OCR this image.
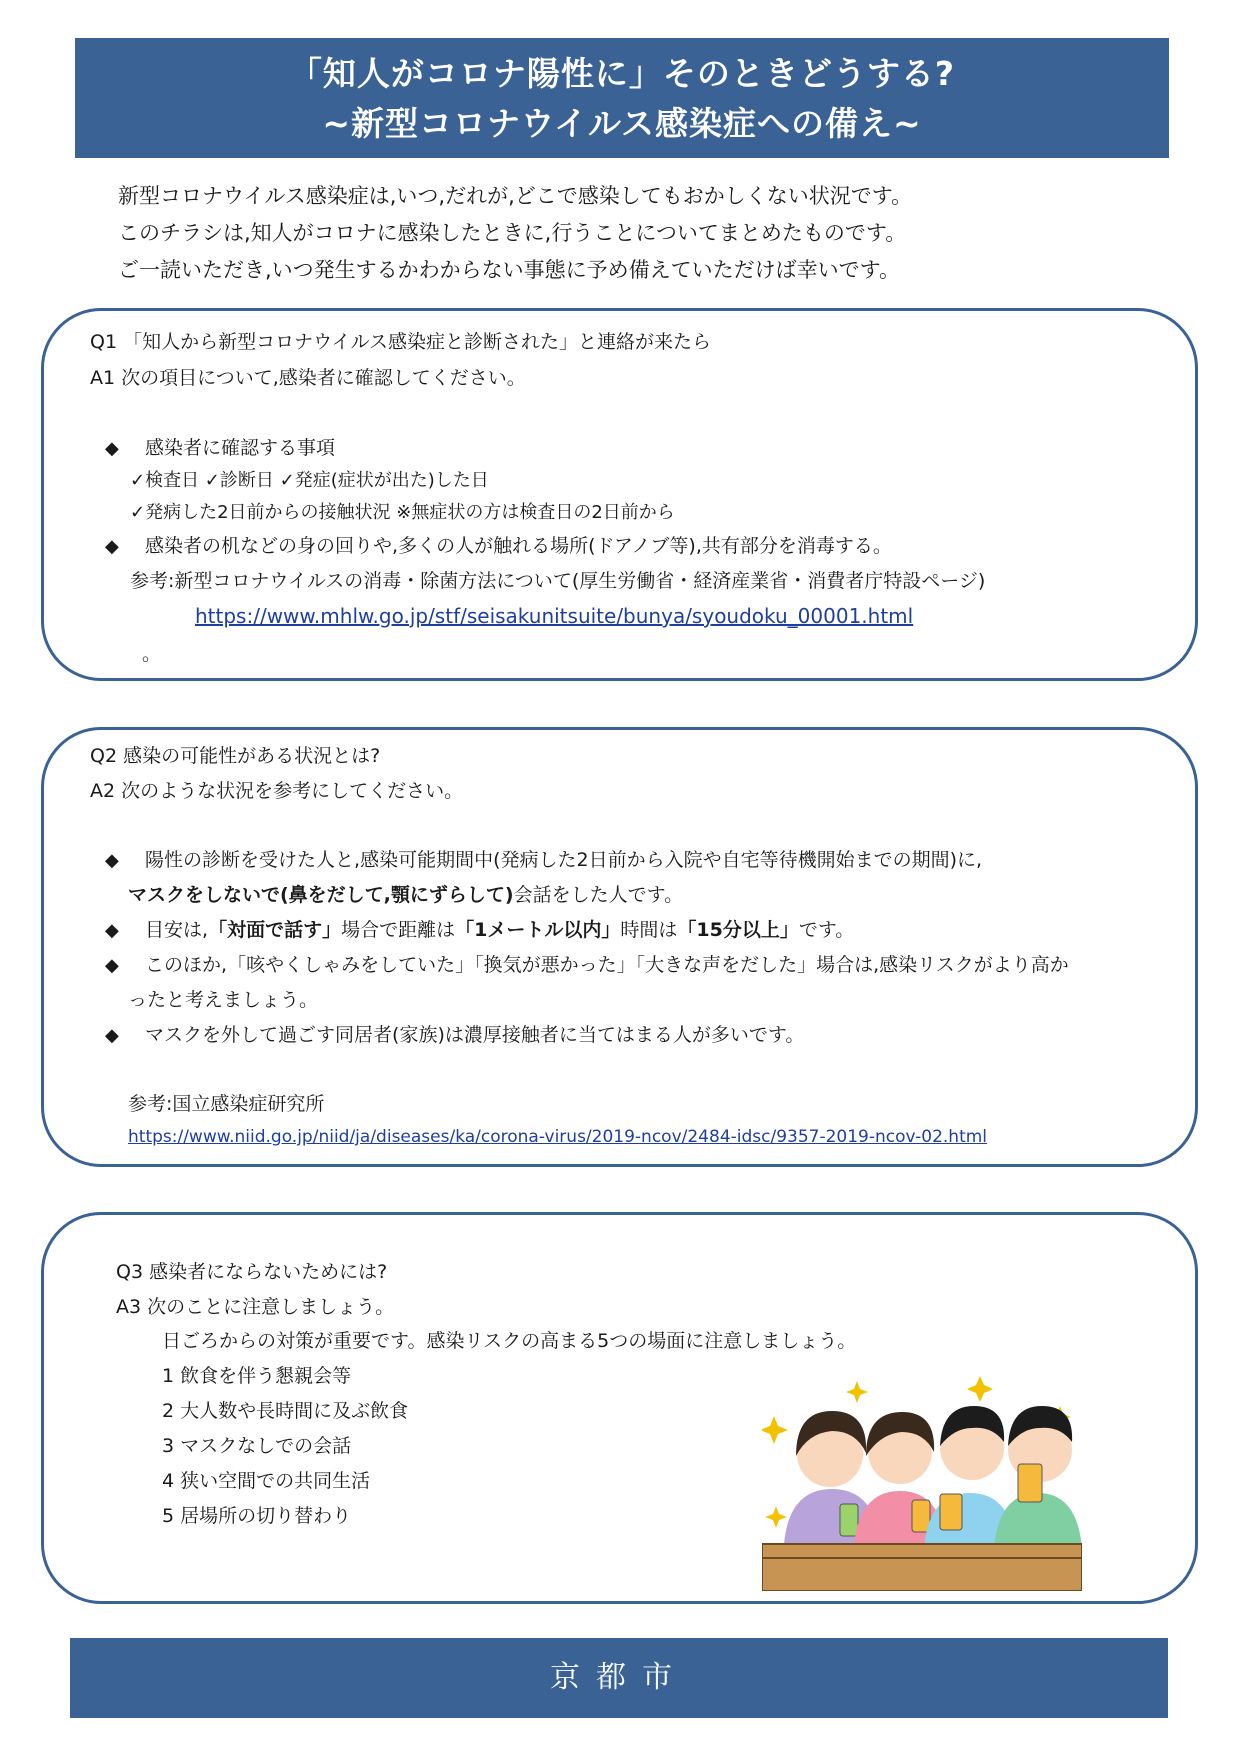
「知人がコロナ陽性に」そのときどうする?
~新型コロナウイルス感染症への備え~

新型コロナウイルス感染症は,いつ,だれが,どこで感染してもおかしくない状況です。

このチラシは,知人がコロナに感染したときに,行うことについてまとめたものです。

ご一読いただき,いつ発生するかわからない事態に予め備えていただけば幸いです。

Q1 「知人から新型コロナウイルス感染症と診断された」と連絡が来たら
A1 次の項目について,感染者に確認してください。
◆ 感染者に確認する事項
✓検査日 ✓診断日 ✓発症(症状が出た)した日
✓発病した2日前からの接触状況 ※無症状の方は検査日の2日前から
◆ 感染者の机などの身の回りや,多くの人が触れる場所(ドアノブ等),共有部分を消毒する。
参考:新型コロナウイルスの消毒・除菌方法について(厚生労働省・経済産業省・消費者庁特設ページ)
https://www.mhlw.go.jp/stf/seisakunitsuite/bunya/syoudoku_00001.html
。
Q2 感染の可能性がある状況とは?
A2 次のような状況を参考にしてください。
◆ 陽性の診断を受けた人と,感染可能期間中(発病した2日前から入院や自宅等待機開始までの期間)に,
マスクをしないで(鼻をだして,顎にずらして)会話をした人です。
◆ 目安は,「対面で話す」場合で距離は「1メートル以内」時間は「15分以上」です。
◆ このほか,「咳やくしゃみをしていた」「換気が悪かった」「大きな声をだした」場合は,感染リスクがより高か
ったと考えましょう。
◆ マスクを外して過ごす同居者(家族)は濃厚接触者に当てはまる人が多いです。
参考:国立感染症研究所
https://www.niid.go.jp/niid/ja/diseases/ka/corona-virus/2019-ncov/2484-idsc/9357-2019-ncov-02.html
Q3 感染者にならないためには?
A3 次のことに注意しましょう。
日ごろからの対策が重要です。感染リスクの高まる5つの場面に注意しましょう。
1 飲食を伴う懇親会等
2 大人数や長時間に及ぶ飲食
3 マスクなしでの会話
4 狭い空間での共同生活
5 居場所の切り替わり
京都市
